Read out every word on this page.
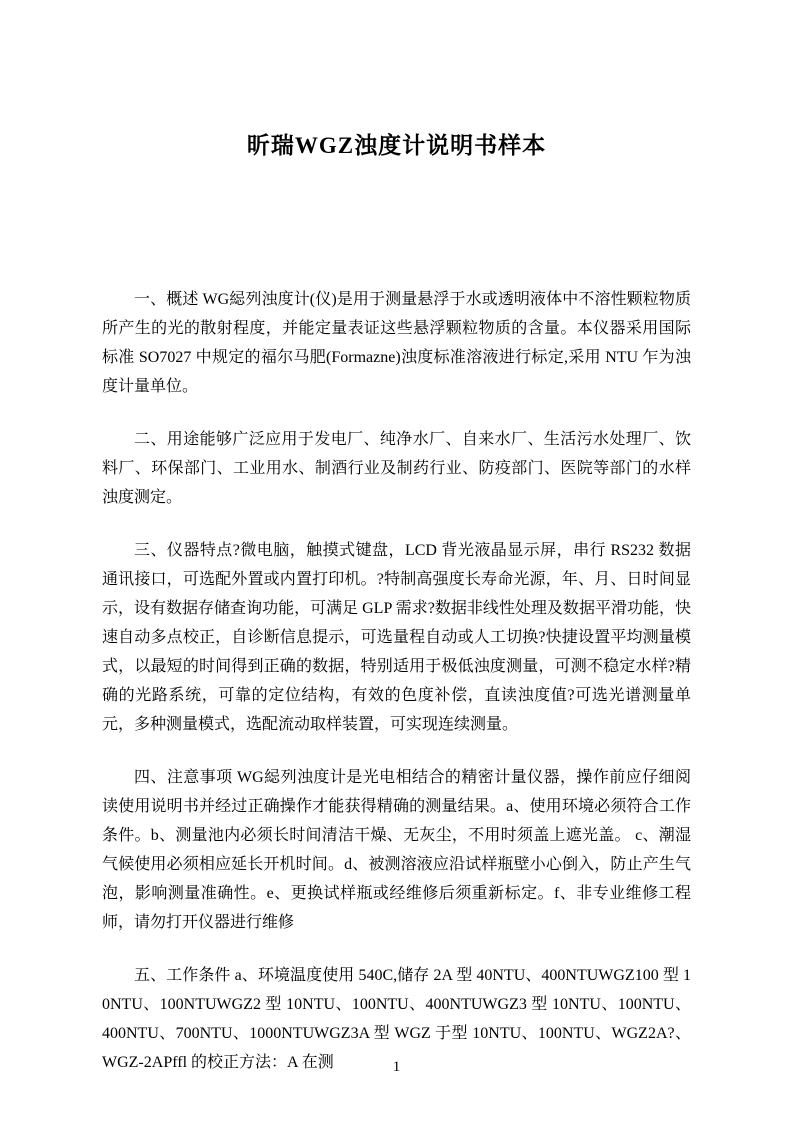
昕瑞WGZ浊度计说明书样本

一、概述 WG䋟列浊度计(仪)是用于测量悬浮于水或透明液体中不溶性颗粒物质所产生的光的散射程度，并能定量表证这些悬浮颗粒物质的含量。本仪器采用国际标准 SO7027 中规定的福尔马肥(Formazne)浊度标准溶液进行标定,采用 NTU 乍为浊度计量单位。

二、用途能够广泛应用于发电厂、纯净水厂、自来水厂、生活污水处理厂、饮料厂、环保部门、工业用水、制酒行业及制药行业、防疫部门、医院等部门的水样浊度测定。

三、仪器特点?微电脑，触摸式键盘，LCD 背光液晶显示屏，串行 RS232 数据通讯接口，可选配外置或内置打印机。?特制高强度长寿命光源，年、月、日时间显示，设有数据存储查询功能，可满足 GLP 需求?数据非线性处理及数据平滑功能，快速自动多点校正，自诊断信息提示，可选量程自动或人工切换?快捷设置平均测量模式，以最短的时间得到正确的数据，特别适用于极低浊度测量，可测不稳定水样?精确的光路系统，可靠的定位结构，有效的色度补偿，直读浊度值?可选光谱测量单元，多种测量模式，选配流动取样装置，可实现连续测量。

四、注意事项 WG䋟列浊度计是光电相结合的精密计量仪器，操作前应仔细阅读使用说明书并经过正确操作才能获得精确的测量结果。a、使用环境必须符合工作条件。b、测量池内必须长时间清洁干燥、无灰尘，不用时须盖上遮光盖。 c、潮湿气候使用必须相应延长开机时间。d、被测溶液应沿试样瓶壁小心倒入，防止产生气泡，影响测量准确性。e、更换试样瓶或经维修后须重新标定。f、非专业维修工程师，请勿打开仪器进行维修

五、工作条件 a、环境温度使用 540C,储存 2A 型 40NTU、400NTUWGZ100 型 10NTU、100NTUWGZ2 型 10NTU、100NTU、400NTUWGZ3 型 10NTU、100NTU、400NTU、700NTU、1000NTUWGZ3A 型 WGZ 于型 10NTU、100NTU、WGZ2A?、WGZ-2APffl 的校正方法：A 在测	1
